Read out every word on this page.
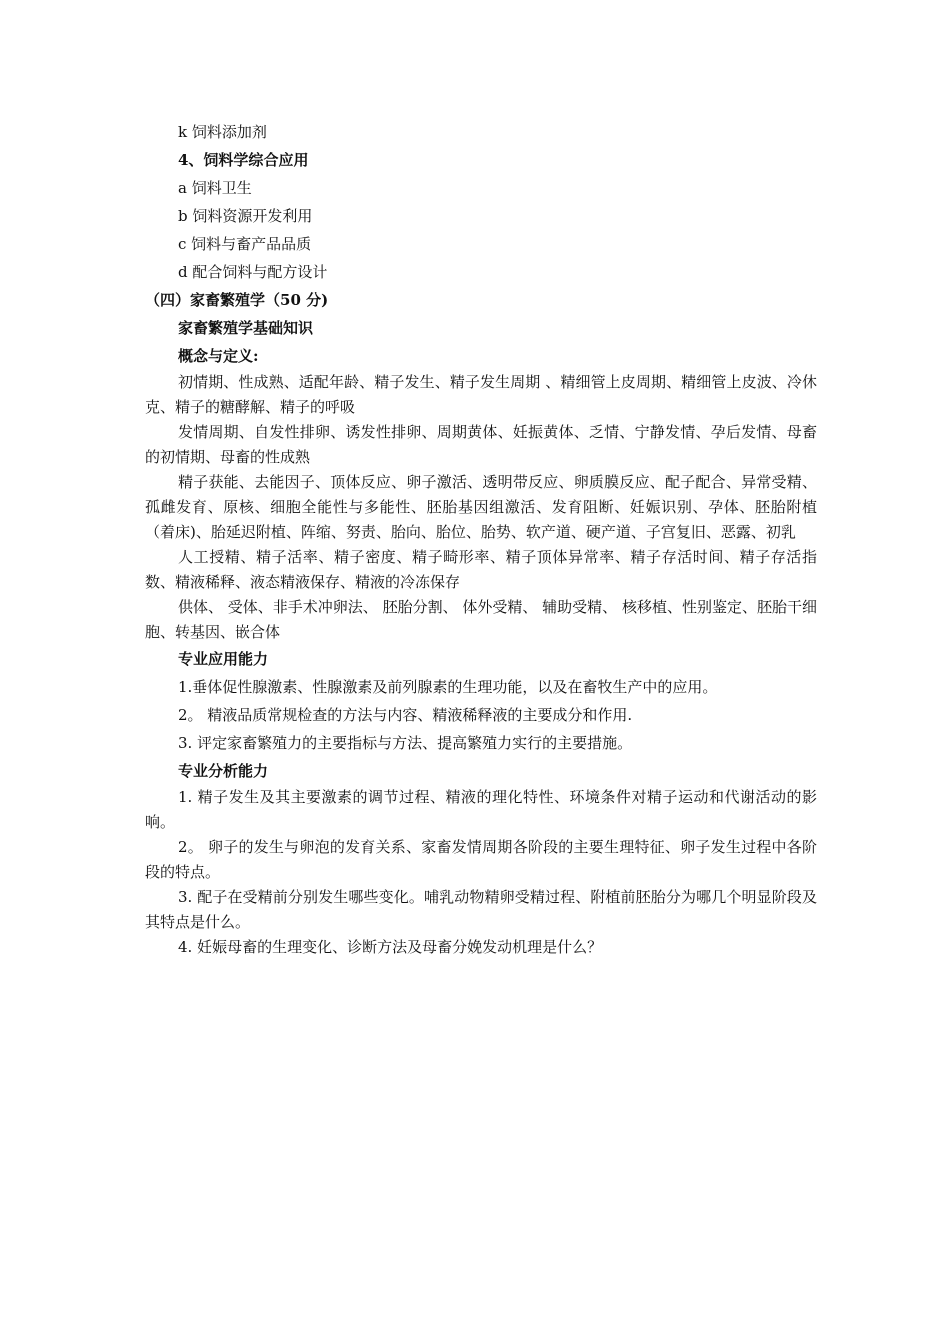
k 饲料添加剂
4、饲料学综合应用
a 饲料卫生
b 饲料资源开发利用
c 饲料与畜产品品质
d 配合饲料与配方设计
（四）家畜繁殖学（50 分)
家畜繁殖学基础知识
概念与定义:

初情期、性成熟、适配年龄、精子发生、精子发生周期 、精细管上皮周期、精细管上皮波、冷休克、精子的糖酵解、精子的呼吸

发情周期、自发性排卵、诱发性排卵、周期黄体、妊振黄体、乏情、宁静发情、孕后发情、母畜的初情期、母畜的性成熟

精子获能、去能因子、顶体反应、卵子激活、透明带反应、卵质膜反应、配子配合、异常受精、孤雌发育、原核、细胞全能性与多能性、胚胎基因组激活、发育阻断、妊娠识别、孕体、胚胎附植（着床)、胎延迟附植、阵缩、努责、胎向、胎位、胎势、软产道、硬产道、子宫复旧、恶露、初乳

人工授精、精子活率、精子密度、精子畸形率、精子顶体异常率、精子存活时间、精子存活指数、精液稀释、液态精液保存、精液的冷冻保存

供体、 受体、非手术冲卵法、 胚胎分割、 体外受精、 辅助受精、 核移植、性别鉴定、胚胎干细胞、转基因、嵌合体

专业应用能力
1.垂体促性腺激素、性腺激素及前列腺素的生理功能，以及在畜牧生产中的应用。
2。 精液品质常规检查的方法与内容、精液稀释液的主要成分和作用.
3. 评定家畜繁殖力的主要指标与方法、提高繁殖力实行的主要措施。
专业分析能力

1. 精子发生及其主要激素的调节过程、精液的理化特性、环境条件对精子运动和代谢活动的影响。

2。 卵子的发生与卵泡的发育关系、家畜发情周期各阶段的主要生理特征、卵子发生过程中各阶段的特点。

3. 配子在受精前分别发生哪些变化。哺乳动物精卵受精过程、附植前胚胎分为哪几个明显阶段及其特点是什么。

4. 妊娠母畜的生理变化、诊断方法及母畜分娩发动机理是什么？
